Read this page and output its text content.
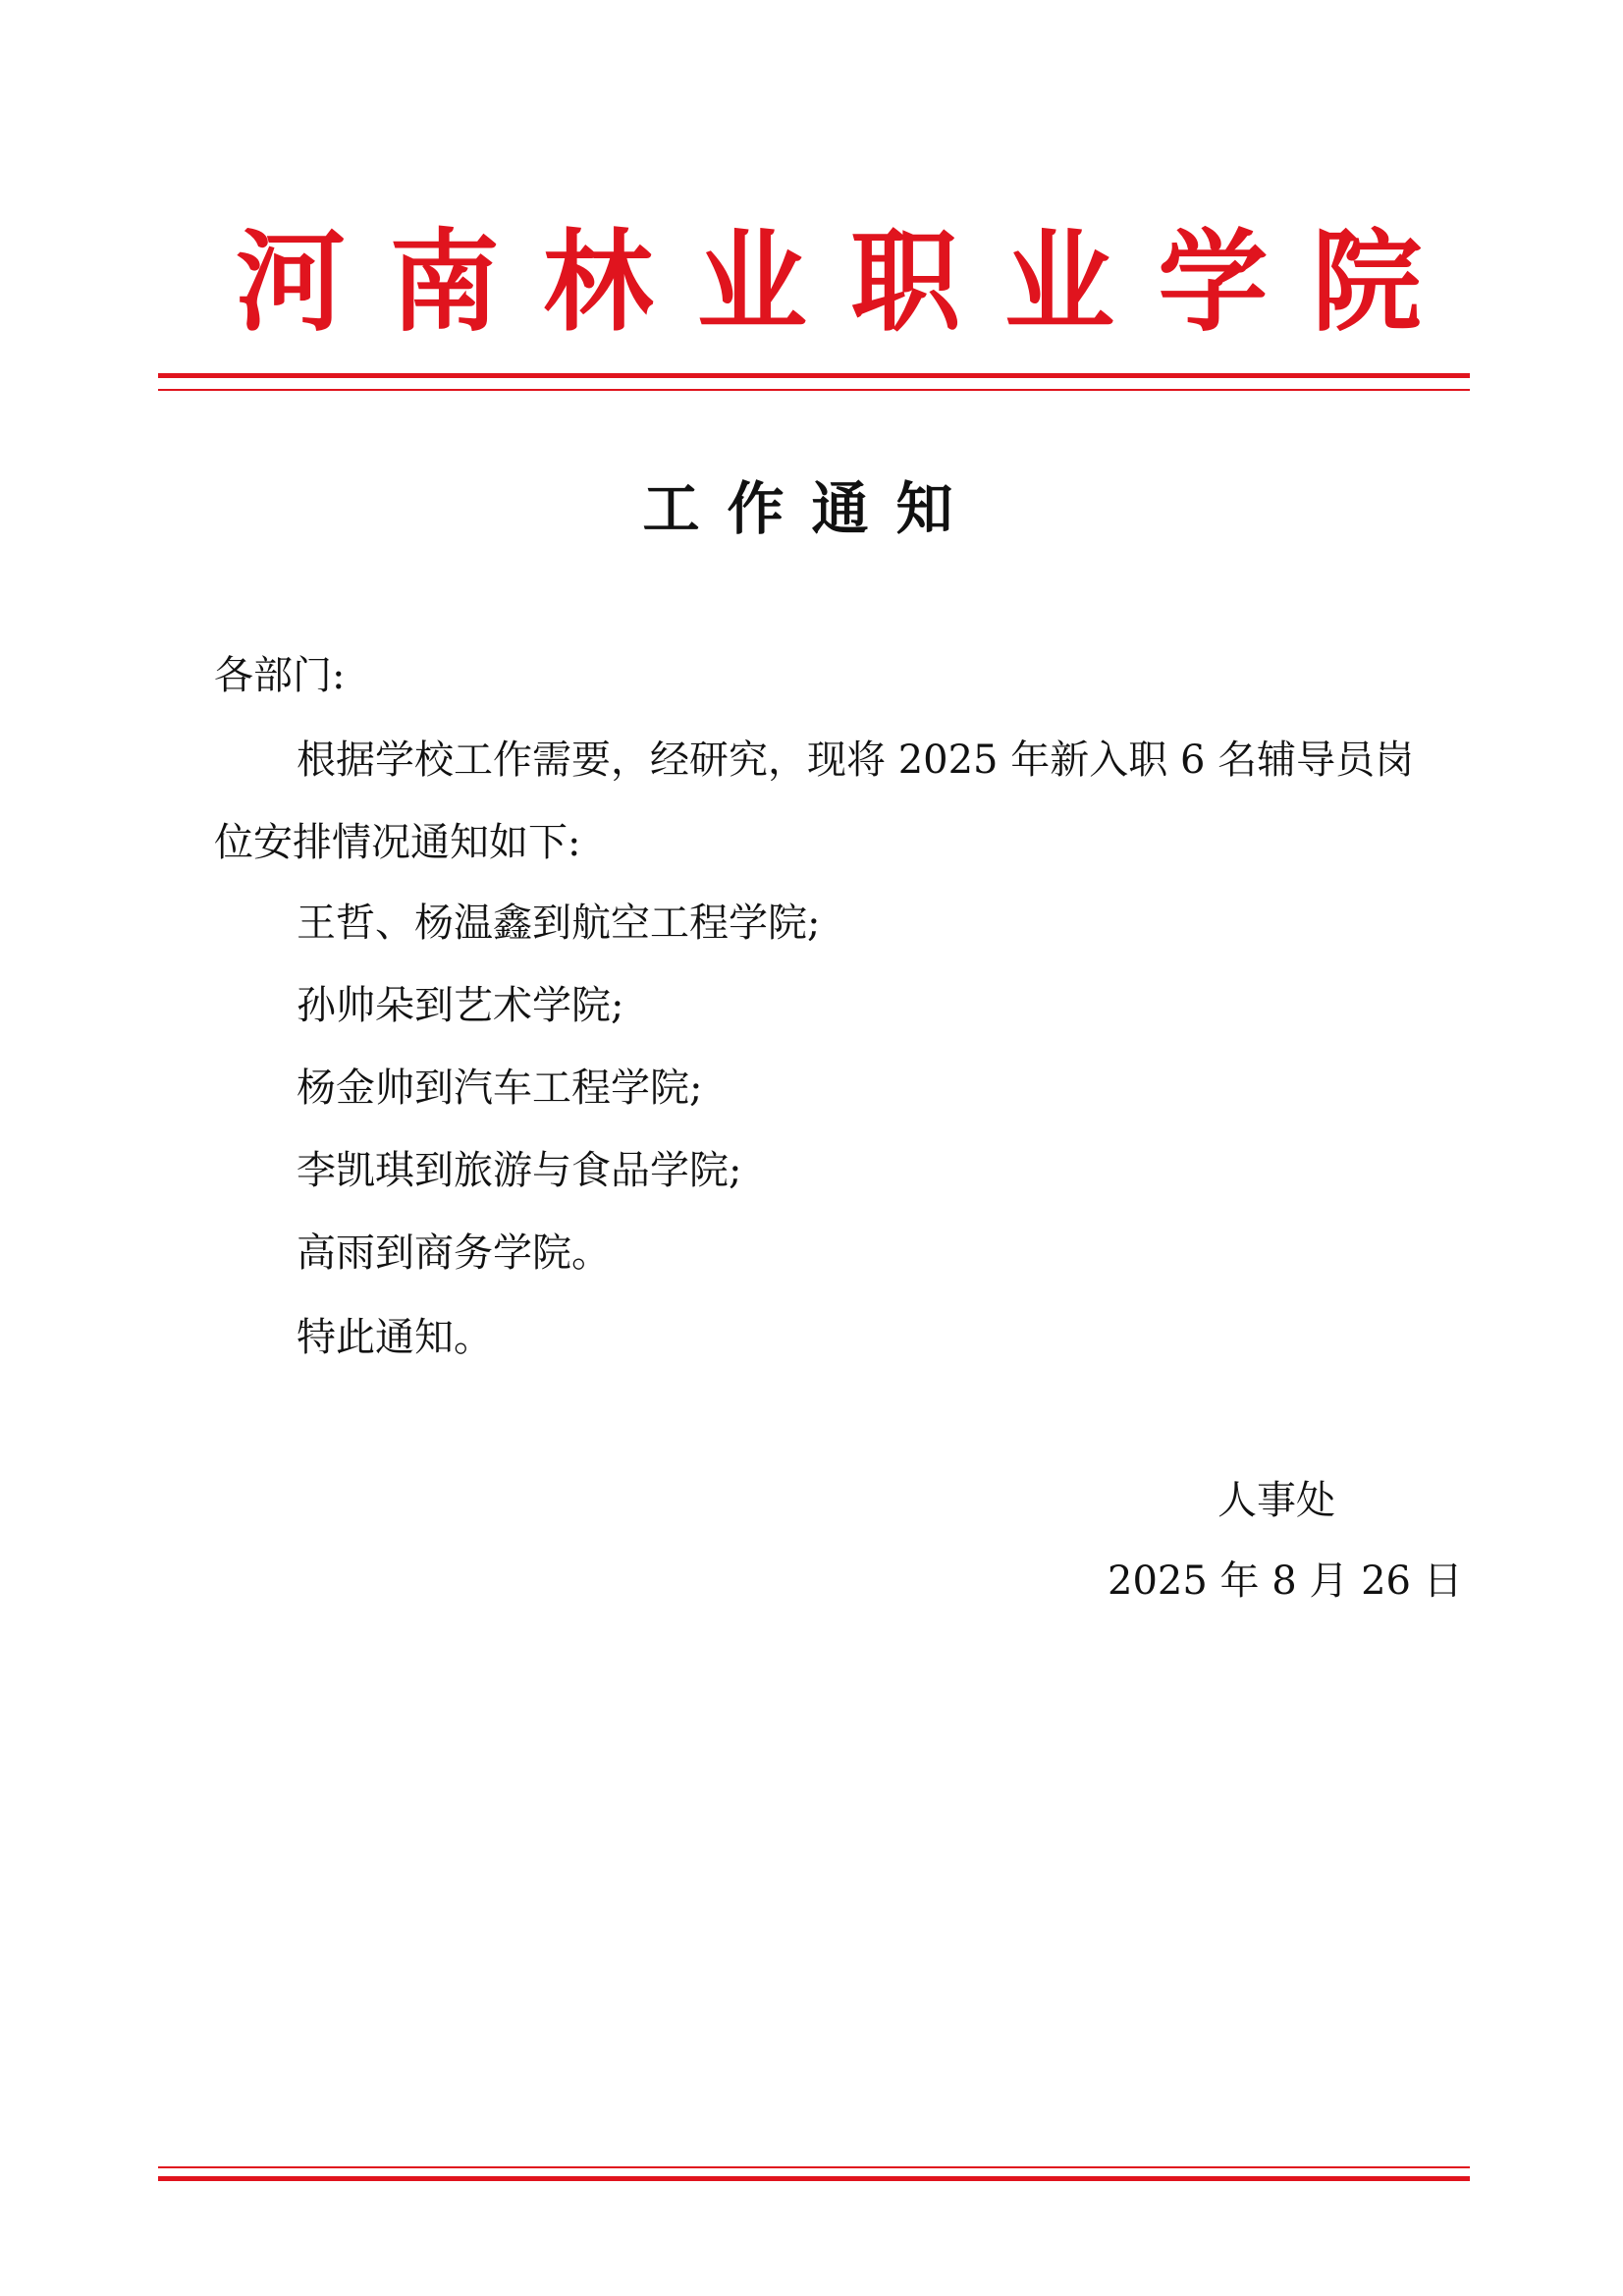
河 南 林 业 职 业 学 院
工作通知
各部门:
根据学校工作需要，经研究，现将 2025 年新入职 6 名辅导员岗
位安排情况通知如下:
王哲、杨温鑫到航空工程学院;
孙帅朵到艺术学院;
杨金帅到汽车工程学院;
李凯琪到旅游与食品学院;
高雨到商务学院。
特此通知。
人事处
2025 年 8 月 26 日
